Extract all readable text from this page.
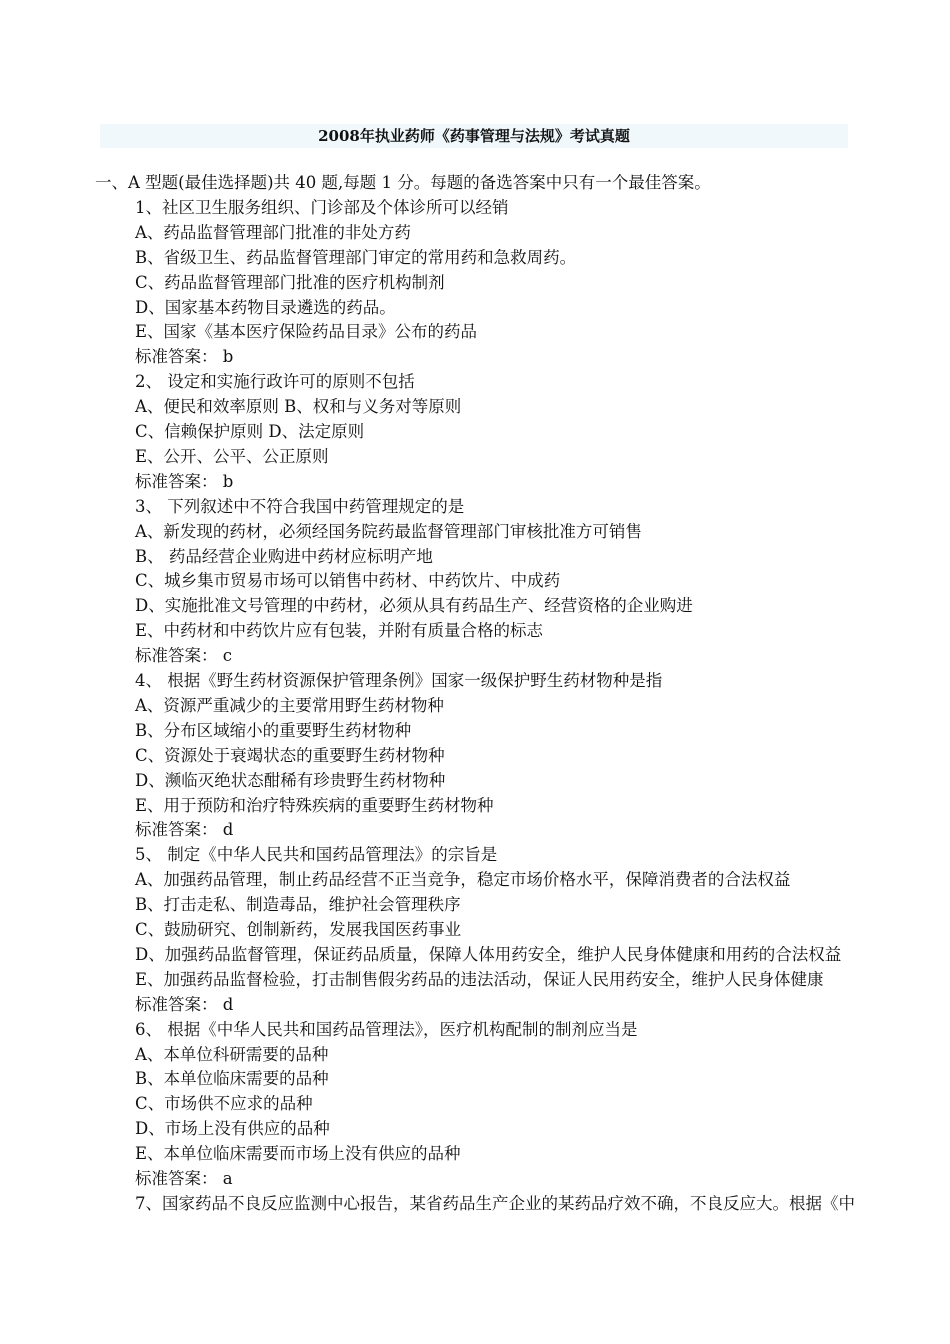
2008年执业药师《药事管理与法规》考试真题
一、A 型题(最佳选择题)共 40 题,每题 1 分。每题的备选答案中只有一个最佳答案。
1、社区卫生服务组织、门诊部及个体诊所可以经销
A、药品监督管理部门批准的非处方药
B、省级卫生、药品监督管理部门审定的常用药和急救周药。
C、药品监督管理部门批准的医疗机构制剂
D、国家基本药物目录遴选的药品。
E、国家《基本医疗保险药品目录》公布的药品
标准答案： b
2、 设定和实施行政许可的原则不包括
A、便民和效率原则 B、权和与义务对等原则
C、信赖保护原则 D、法定原则
E、公开、公平、公正原则
标准答案： b
3、 下列叙述中不符合我国中药管理规定的是
A、新发现的药材，必须经国务院药最监督管理部门审核批准方可销售
B、 药品经营企业购进中药材应标明产地
C、城乡集市贸易市场可以销售中药材、中药饮片、中成药
D、实施批准文号管理的中药材，必须从具有药品生产、经营资格的企业购进
E、中药材和中药饮片应有包装，并附有质量合格的标志
标准答案： c
4、 根据《野生药材资源保护管理条例》国家一级保护野生药材物种是指
A、资源严重减少的主要常用野生药材物种
B、分布区域缩小的重要野生药材物种
C、资源处于衰竭状态的重要野生药材物种
D、濒临灭绝状态酣稀有珍贵野生药材物种
E、用于预防和治疗特殊疾病的重要野生药材物种
标准答案： d
5、 制定《中华人民共和国药品管理法》的宗旨是
A、加强药品管理，制止药品经营不正当竞争，稳定市场价格水平，保障消费者的合法权益
B、打击走私、制造毒品，维护社会管理秩序
C、鼓励研究、创制新药，发展我国医药事业
D、加强药品监督管理，保证药品质量，保障人体用药安全，维护人民身体健康和用药的合法权益
E、加强药品监督检验，打击制售假劣药品的违法活动，保证人民用药安全，维护人民身体健康
标准答案： d
6、 根据《中华人民共和国药品管理法》，医疗机构配制的制剂应当是
A、本单位科研需要的品种
B、本单位临床需要的品种
C、市场供不应求的品种
D、市场上没有供应的品种
E、本单位临床需要而市场上没有供应的品种
标准答案： a
7、国家药品不良反应监测中心报告，某省药品生产企业的某药品疗效不确，不良反应大。根据《中
